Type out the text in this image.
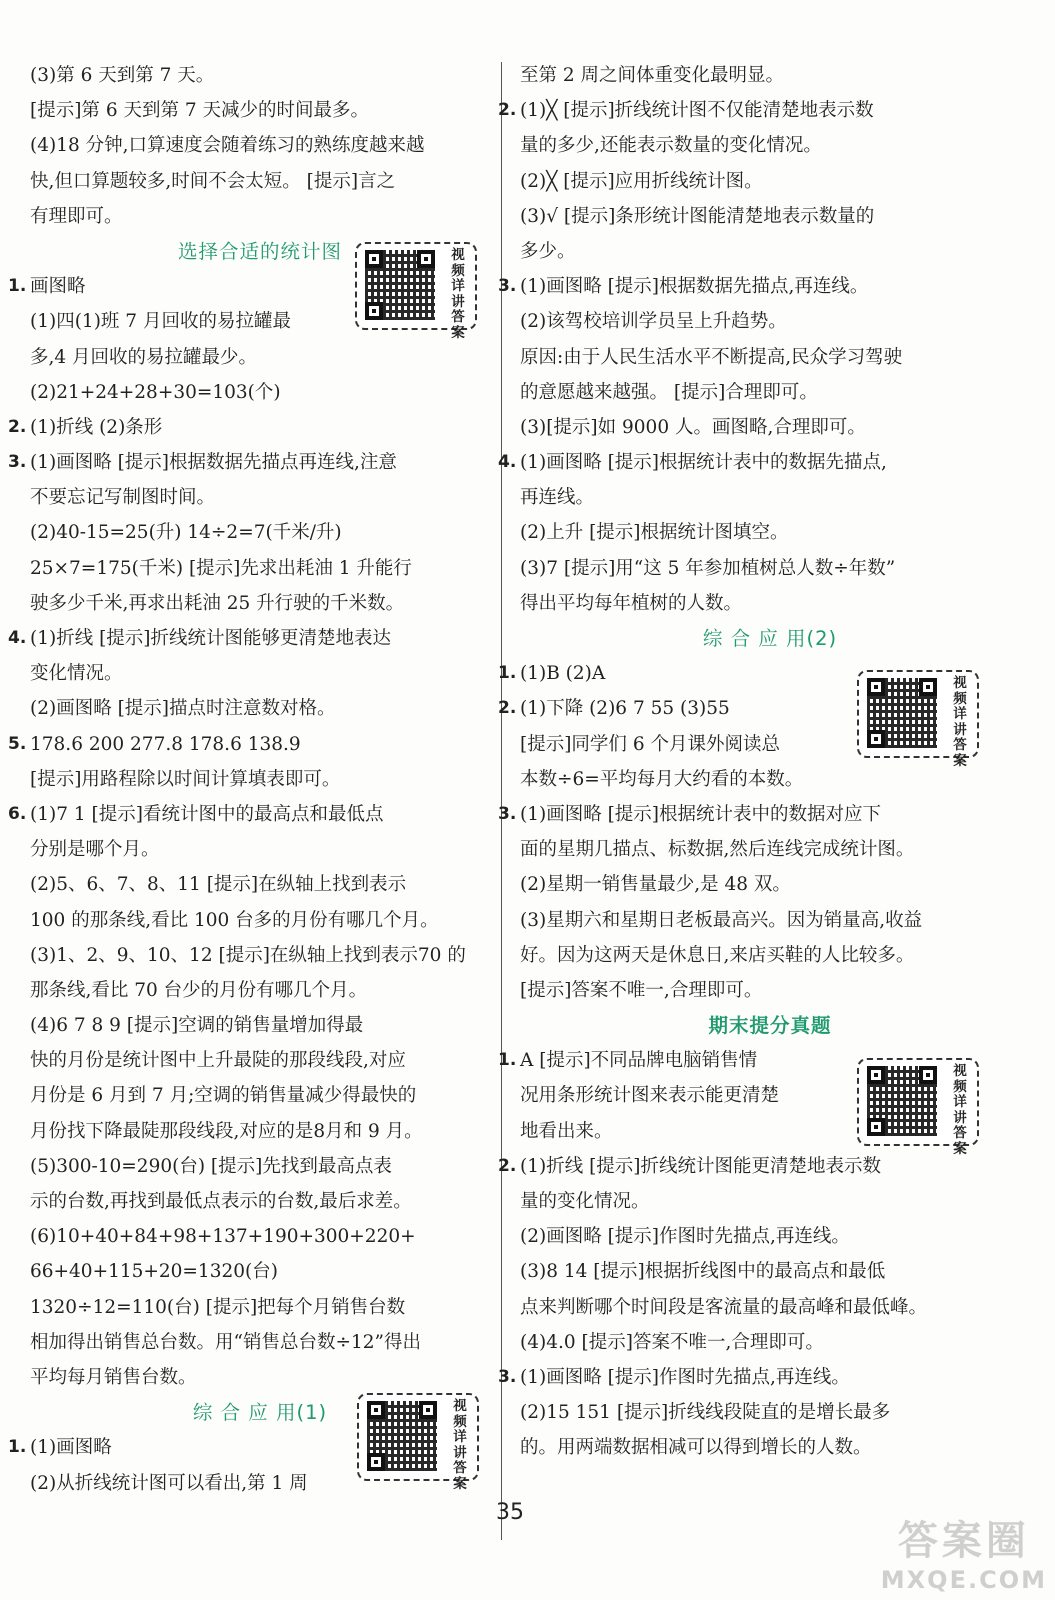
(3)第 6 天到第 7 天。
[提示]第 6 天到第 7 天减少的时间最多。
(4)18 分钟,口算速度会随着练习的熟练度越来越
快,但口算题较多,时间不会太短。 [提示]言之
有理即可。
选择合适的统计图
1. 画图略
(1)四(1)班 7 月回收的易拉罐最
多,4 月回收的易拉罐最少。
(2)21+24+28+30=103(个)
2. (1)折线 (2)条形
3. (1)画图略 [提示]根据数据先描点再连线,注意
不要忘记写制图时间。
(2)40-15=25(升) 14÷2=7(千米/升)
25×7=175(千米) [提示]先求出耗油 1 升能行
驶多少千米,再求出耗油 25 升行驶的千米数。
4. (1)折线 [提示]折线统计图能够更清楚地表达
变化情况。
(2)画图略 [提示]描点时注意数对格。
5. 178.6 200 277.8 178.6 138.9
[提示]用路程除以时间计算填表即可。
6. (1)7 1 [提示]看统计图中的最高点和最低点
分别是哪个月。
(2)5、6、7、8、11 [提示]在纵轴上找到表示
100 的那条线,看比 100 台多的月份有哪几个月。
(3)1、2、9、10、12 [提示]在纵轴上找到表示70 的
那条线,看比 70 台少的月份有哪几个月。
(4)6 7 8 9 [提示]空调的销售量增加得最
快的月份是统计图中上升最陡的那段线段,对应
月份是 6 月到 7 月;空调的销售量减少得最快的
月份找下降最陡那段线段,对应的是8月和 9 月。
(5)300-10=290(台) [提示]先找到最高点表
示的台数,再找到最低点表示的台数,最后求差。
(6)10+40+84+98+137+190+300+220+
66+40+115+20=1320(台)
1320÷12=110(台) [提示]把每个月销售台数
相加得出销售总台数。用“销售总台数÷12”得出
平均每月销售台数。
综 合 应 用(1)
1. (1)画图略
(2)从折线统计图可以看出,第 1 周
至第 2 周之间体重变化最明显。
2. (1)╳ [提示]折线统计图不仅能清楚地表示数
量的多少,还能表示数量的变化情况。
(2)╳ [提示]应用折线统计图。
(3)√ [提示]条形统计图能清楚地表示数量的
多少。
3. (1)画图略 [提示]根据数据先描点,再连线。
(2)该驾校培训学员呈上升趋势。
原因:由于人民生活水平不断提高,民众学习驾驶
的意愿越来越强。 [提示]合理即可。
(3)[提示]如 9000 人。画图略,合理即可。
4. (1)画图略 [提示]根据统计表中的数据先描点,
再连线。
(2)上升 [提示]根据统计图填空。
(3)7 [提示]用“这 5 年参加植树总人数÷年数”
得出平均每年植树的人数。
综 合 应 用(2)
1. (1)B (2)A
2. (1)下降 (2)6 7 55 (3)55
[提示]同学们 6 个月课外阅读总
本数÷6=平均每月大约看的本数。
3. (1)画图略 [提示]根据统计表中的数据对应下
面的星期几描点、标数据,然后连线完成统计图。
(2)星期一销售量最少,是 48 双。
(3)星期六和星期日老板最高兴。因为销量高,收益
好。因为这两天是休息日,来店买鞋的人比较多。
[提示]答案不唯一,合理即可。
期末提分真题
1. A [提示]不同品牌电脑销售情
况用条形统计图来表示能更清楚
地看出来。
2. (1)折线 [提示]折线统计图能更清楚地表示数
量的变化情况。
(2)画图略 [提示]作图时先描点,再连线。
(3)8 14 [提示]根据折线图中的最高点和最低
点来判断哪个时间段是客流量的最高峰和最低峰。
(4)4.0 [提示]答案不唯一,合理即可。
3. (1)画图略 [提示]作图时先描点,再连线。
(2)15 151 [提示]折线线段陡直的是增长最多
的。用两端数据相减可以得到增长的人数。
视频详讲答案
视频详讲答案
视频详讲答案
视频详讲答案
35
答案圈
MXQE.COM
